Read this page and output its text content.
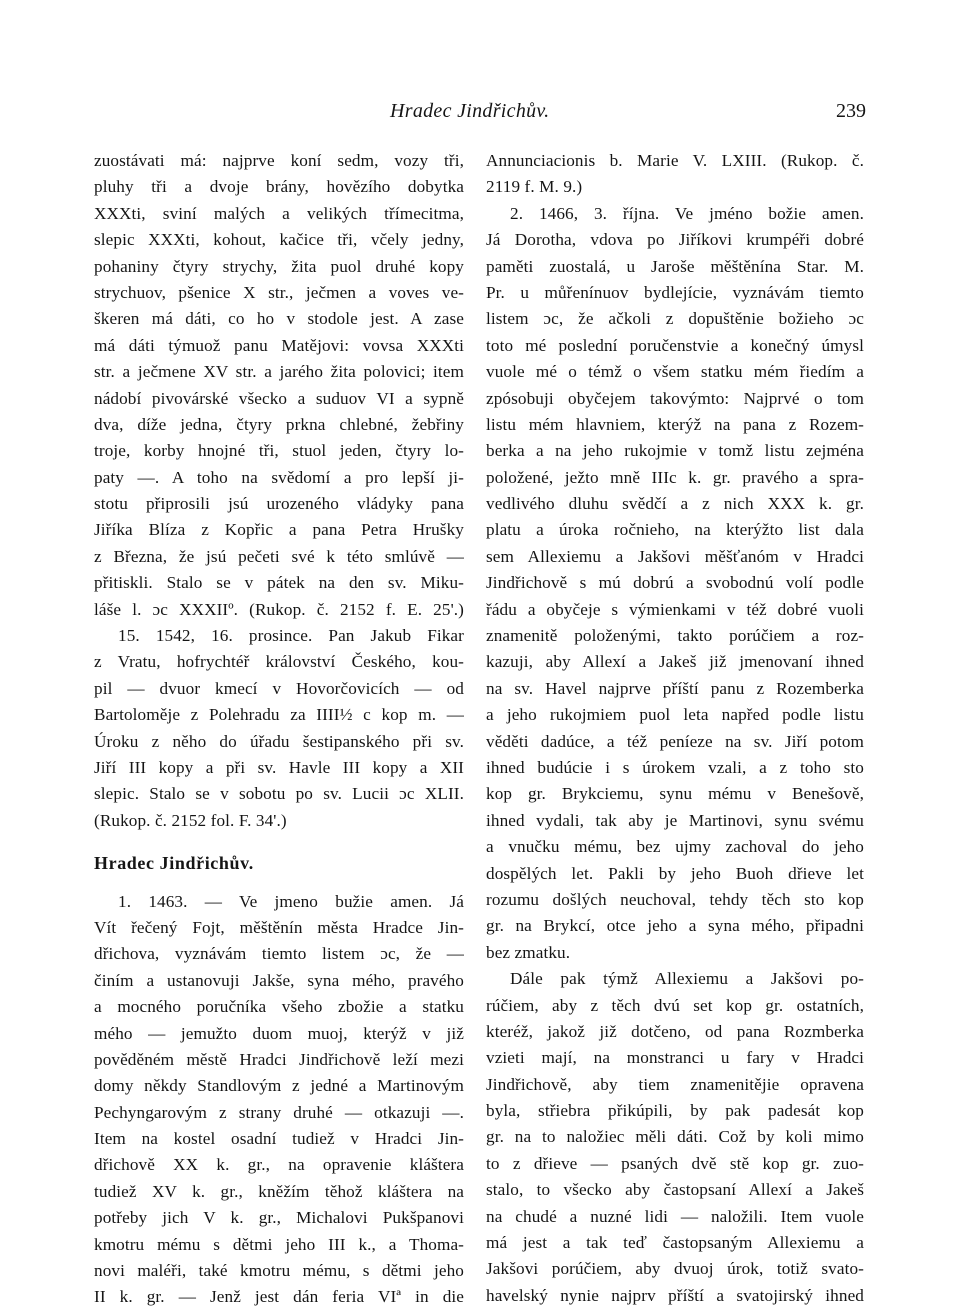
Hradec Jindřichův.	239
zuostávati má: najprve koní sedm, vozy tři,
pluhy tři a dvoje brány, hovězího dobytka
XXXti, sviní malých a velikých třímecitma,
slepic XXXti, kohout, kačice tři, včely jedny,
pohaniny čtyry strychy, žita puol druhé kopy
strychuov, pšenice X str., ječmen a voves ve-
škeren má dáti, co ho v stodole jest. A zase
má dáti týmuož panu Matějovi: vovsa XXXti
str. a ječmene XV str. a jarého žita polovici; item
nádobí pivovárské všecko a suduov VI a sypně
dva, díže jedna, čtyry prkna chlebné, žebřiny
troje, korby hnojné tři, stuol jeden, čtyry lo-
paty —. A toho na svědomí a pro lepší ji-
stotu připrosili jsú urozeného vládyky pana
Jiříka Blíza z Kopřic a pana Petra Hrušky
z Března, že jsú pečeti své k této smlúvě —
přitiskli. Stalo se v pátek na den sv. Miku-
láše l. ɔc XXXIIº. (Rukop. č. 2152 f. E. 25'.)
15. 1542, 16. prosince. Pan Jakub Fikar
z Vratu, hofrychtéř království Českého, kou-
pil — dvuor kmecí v Hovorčovicích — od
Bartoloměje z Polehradu za IIII½ c kop m. —
Úroku z něho do úřadu šestipanského při sv.
Jiří III kopy a při sv. Havle III kopy a XII
slepic. Stalo se v sobotu po sv. Lucii ɔc XLII.
(Rukop. č. 2152 fol. F. 34'.)
Hradec Jindřichův.
1. 1463. — Ve jmeno bužie amen. Já
Vít řečený Fojt, měštěnín města Hradce Jin-
dřichova, vyznávám tiemto listem ɔc, že —
činím a ustanovuji Jakše, syna mého, pravého
a mocného poručníka všeho zbožie a statku
mého — jemužto duom muoj, kterýž v již
pověděném městě Hradci Jindřichově leží mezi
domy někdy Standlovým z jedné a Martinovým
Pechyngarovým z strany druhé — otkazuji —.
Item na kostel osadní tudiež v Hradci Jin-
dřichově XX k. gr., na opravenie kláštera
tudiež XV k. gr., kněžím těhož kláštera na
potřeby jich V k. gr., Michalovi Pukšpanovi
kmotru mému s dětmi jeho III k., a Thoma-
novi maléři, také kmotru mému, s dětmi jeho
II k. gr. — Jenž jest dán feria VIª in die
Annunciacionis b. Marie V. LXIII. (Rukop. č.
2119 f. M. 9.)
2. 1466, 3. října. Ve jméno božie amen.
Já Dorotha, vdova po Jiříkovi krumpéři dobré
paměti zuostalá, u Jaroše měštěnína Star. M.
Pr. u můřenínuov bydlejície, vyznávám tiemto
listem ɔc, že ačkoli z dopuštěnie božieho ɔc
toto mé poslední poručenstvie a konečný úmysl
vuole mé o témž o všem statku mém řiedím a
zpósobuji obyčejem takovýmto: Najprvé o tom
listu mém hlavniem, kterýž na pana z Rozem-
berka a na jeho rukojmie v tomž listu zejména
položené, ježto mně IIIc k. gr. pravého a spra-
vedlivého dluhu svědčí a z nich XXX k. gr.
platu a úroka ročnieho, na kterýžto list dala
sem Allexiemu a Jakšovi měšťanóm v Hradci
Jindřichově s mú dobrú a svobodnú volí podle
řádu a obyčeje s výmienkami v též dobré vuoli
znamenitě položenými, takto porúčiem a roz-
kazuji, aby Allexí a Jakeš již jmenovaní ihned
na sv. Havel najprve příští panu z Rozemberka
a jeho rukojmiem puol leta napřed podle listu
věděti dadúce, a též peníeze na sv. Jiří potom
ihned budúcie i s úrokem vzali, a z toho sto
kop gr. Brykciemu, synu mému v Benešově,
ihned vydali, tak aby je Martinovi, synu svému
a vnučku mému, bez ujmy zachoval do jeho
dospělých let. Pakli by jeho Buoh dřieve let
rozumu došlých neuchoval, tehdy těch sto kop
gr. na Brykcí, otce jeho a syna mého, připadni
bez zmatku.
Dále pak týmž Allexiemu a Jakšovi po-
rúčiem, aby z těch dvú set kop gr. ostatních,
kteréž, jakož již dotčeno, od pana Rozmberka
vzieti mají, na monstranci u fary v Hradci
Jindřichově, aby tiem znamenitějie opravena
byla, střiebra přikúpili, by pak padesát kop
gr. na to naložiec měli dáti. Což by koli mimo
to z dřieve — psaných dvě stě kop gr. zuo-
stalo, to všecko aby častopsaní Allexí a Jakeš
na chudé a nuzné lidi — naložili. Item vuole
má jest a tak teď častopsaným Allexiemu a
Jakšovi porúčiem, aby dvuoj úrok, totiž svato-
havelský nynie najprv příští a svatojirský ihned
